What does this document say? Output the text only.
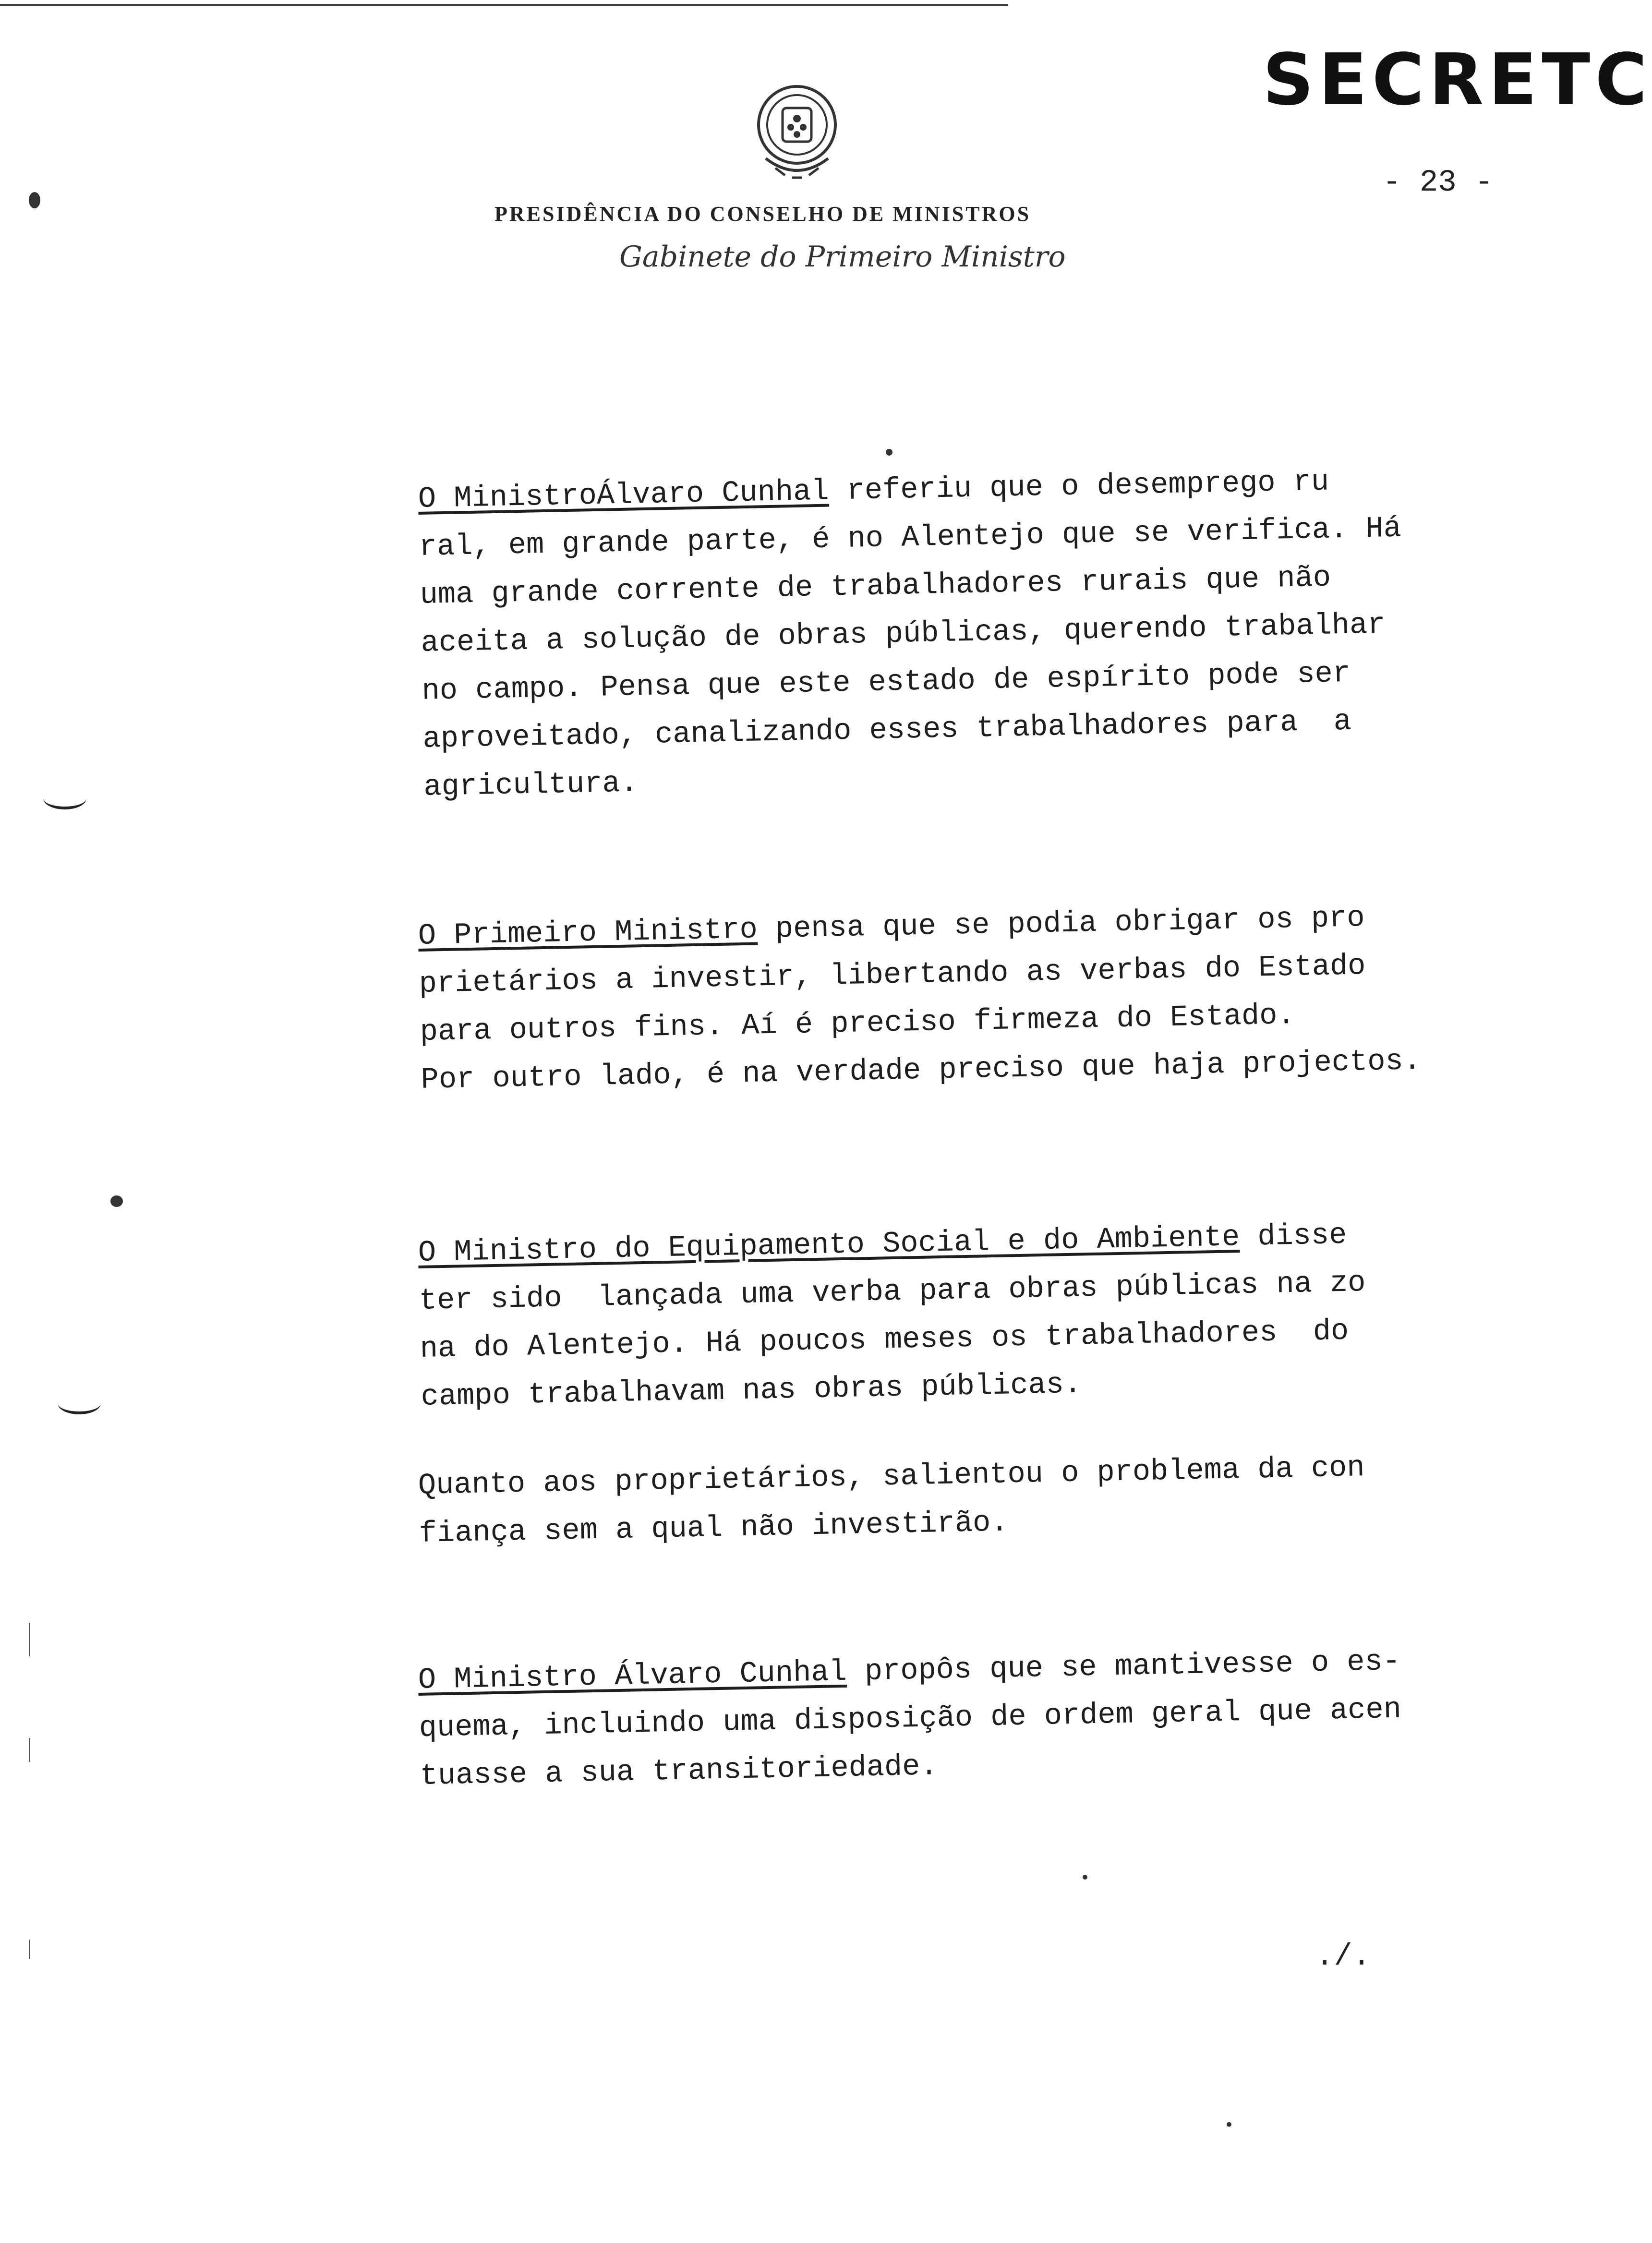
SECRETC
- 23 -
PRESIDÊNCIA DO CONSELHO DE MINISTROS
Gabinete do Primeiro Ministro

O MinistroÁlvaro Cunhal referiu que o desemprego ru

ral, em grande parte, é no Alentejo que se verifica. Há

uma grande corrente de trabalhadores rurais que não

aceita a solução de obras públicas, querendo trabalhar

no campo. Pensa que este estado de espírito pode ser

aproveitado, canalizando esses trabalhadores para  a

agricultura.

O Primeiro Ministro pensa que se podia obrigar os pro

prietários a investir, libertando as verbas do Estado

para outros fins. Aí é preciso firmeza do Estado.

Por outro lado, é na verdade preciso que haja projectos.

O Ministro do Equipamento Social e do Ambiente disse

ter sido  lançada uma verba para obras públicas na zo

na do Alentejo. Há poucos meses os trabalhadores  do

campo trabalhavam nas obras públicas.

Quanto aos proprietários, salientou o problema da con

fiança sem a qual não investirão.

O Ministro Álvaro Cunhal propôs que se mantivesse o es-

quema, incluindo uma disposição de ordem geral que acen

tuasse a sua transitoriedade.

./.
